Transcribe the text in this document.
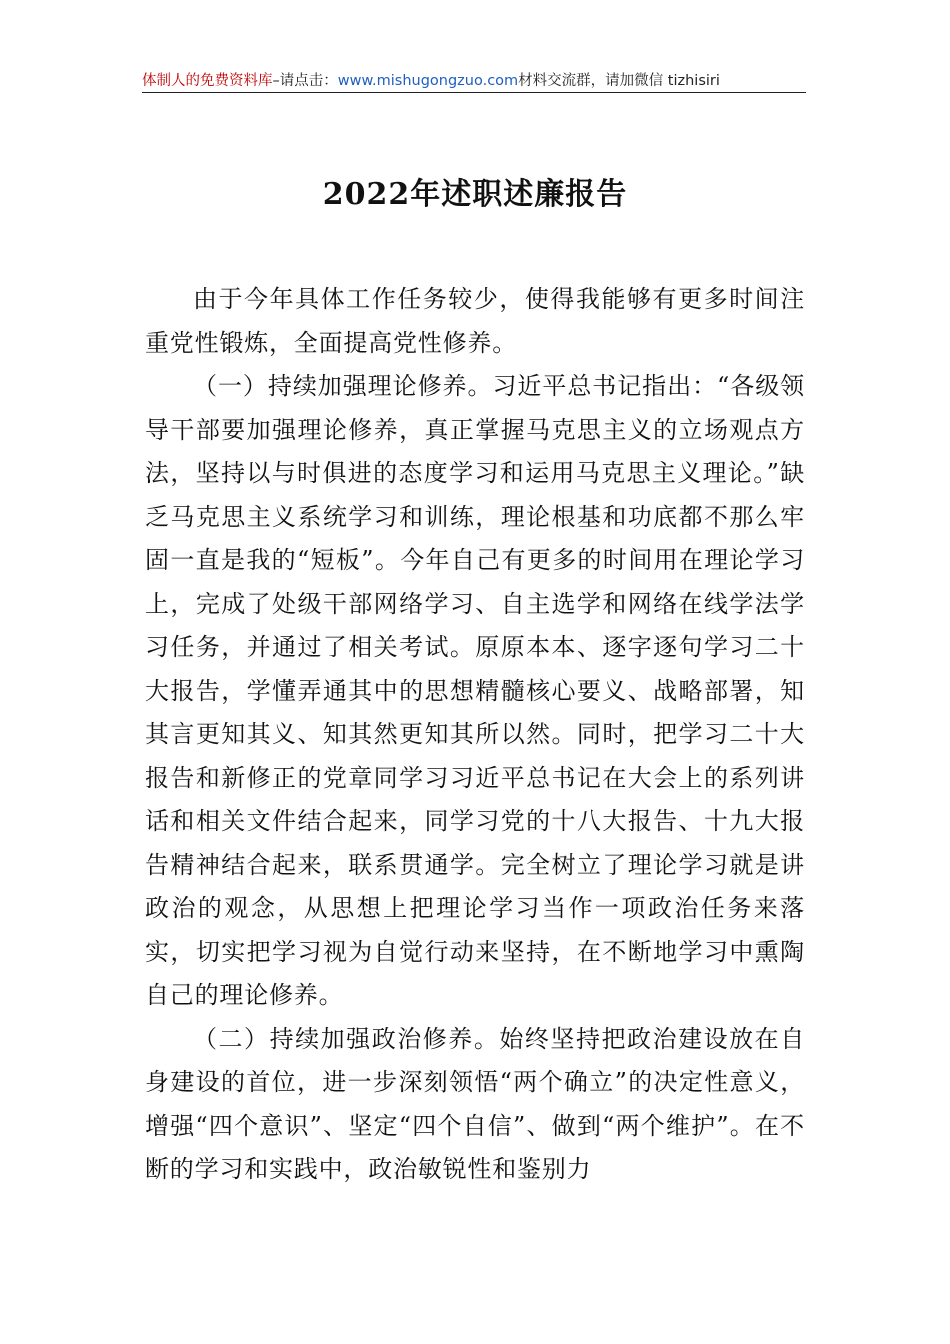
体制人的免费资料库–请点击：www.mishugongzuo.com材料交流群，请加微信 tizhisiri
2022年述职述廉报告

由于今年具体工作任务较少，使得我能够有更多时间注重党性锻炼，全面提高党性修养。

（一）持续加强理论修养。习近平总书记指出：“各级领导干部要加强理论修养，真正掌握马克思主义的立场观点方法，坚持以与时俱进的态度学习和运用马克思主义理论。”缺乏马克思主义系统学习和训练，理论根基和功底都不那么牢固一直是我的“短板”。今年自己有更多的时间用在理论学习上，完成了处级干部网络学习、自主选学和网络在线学法学习任务，并通过了相关考试。原原本本、逐字逐句学习二十大报告，学懂弄通其中的思想精髓核心要义、战略部署，知其言更知其义、知其然更知其所以然。同时，把学习二十大报告和新修正的党章同学习习近平总书记在大会上的系列讲话和相关文件结合起来，同学习党的十八大报告、十九大报告精神结合起来，联系贯通学。完全树立了理论学习就是讲政治的观念，从思想上把理论学习当作一项政治任务来落实，切实把学习视为自觉行动来坚持，在不断地学习中熏陶自己的理论修养。

（二）持续加强政治修养。始终坚持把政治建设放在自身建设的首位，进一步深刻领悟“两个确立”的决定性意义，增强“四个意识”、坚定“四个自信”、做到“两个维护”。在不断的学习和实践中，政治敏锐性和鉴别力
